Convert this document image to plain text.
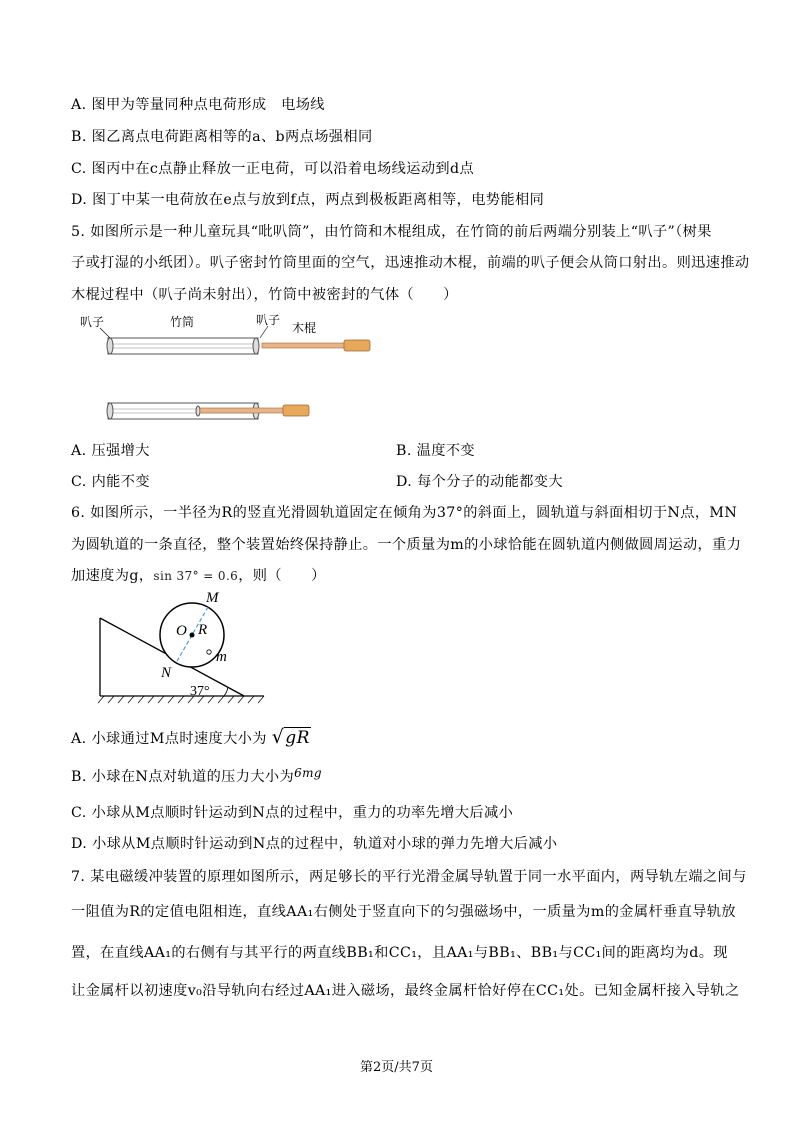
A. 图甲为等量同种点电荷形成　电场线
B. 图乙离点电荷距离相等的a、b两点场强相同
C. 图丙中在c点静止释放一正电荷，可以沿着电场线运动到d点
D. 图丁中某一电荷放在e点与放到f点，两点到极板距离相等，电势能相同
5. 如图所示是一种儿童玩具“吡叭筒”，由竹筒和木棍组成，在竹筒的前后两端分别装上“叭子”（树果
子或打湿的小纸团）。叭子密封竹筒里面的空气，迅速推动木棍，前端的叭子便会从筒口射出。则迅速推动
木棍过程中（叭子尚未射出），竹筒中被密封的气体（　　）
叭子	竹筒	叭子
木棍
A. 压强增大	B. 温度不变
C. 内能不变	D. 每个分子的动能都变大
6. 如图所示，一半径为R的竖直光滑圆轨道固定在倾角为37°的斜面上，圆轨道与斜面相切于N点，MN
为圆轨道的一条直径，整个装置始终保持静止。一个质量为m的小球恰能在圆轨道内侧做圆周运动，重力
加速度为g，sin 37° = 0.6，则（　　）
M
O R
N
m
37°
A. 小球通过M点时速度大小为 √gR
B. 小球在N点对轨道的压力大小为$^{6mg}$
C. 小球从M点顺时针运动到N点的过程中，重力的功率先增大后减小
D. 小球从M点顺时针运动到N点的过程中，轨道对小球的弹力先增大后减小
7. 某电磁缓冲装置的原理如图所示，两足够长的平行光滑金属导轨置于同一水平面内，两导轨左端之间与
一阻值为R的定值电阻相连，直线AA₁右侧处于竖直向下的匀强磁场中，一质量为m的金属杆垂直导轨放
置，在直线AA₁的右侧有与其平行的两直线BB₁和CC₁，且AA₁与BB₁、BB₁与CC₁间的距离均为d。现
让金属杆以初速度v₀沿导轨向右经过AA₁进入磁场，最终金属杆恰好停在CC₁处。已知金属杆接入导轨之
第2页/共7页
